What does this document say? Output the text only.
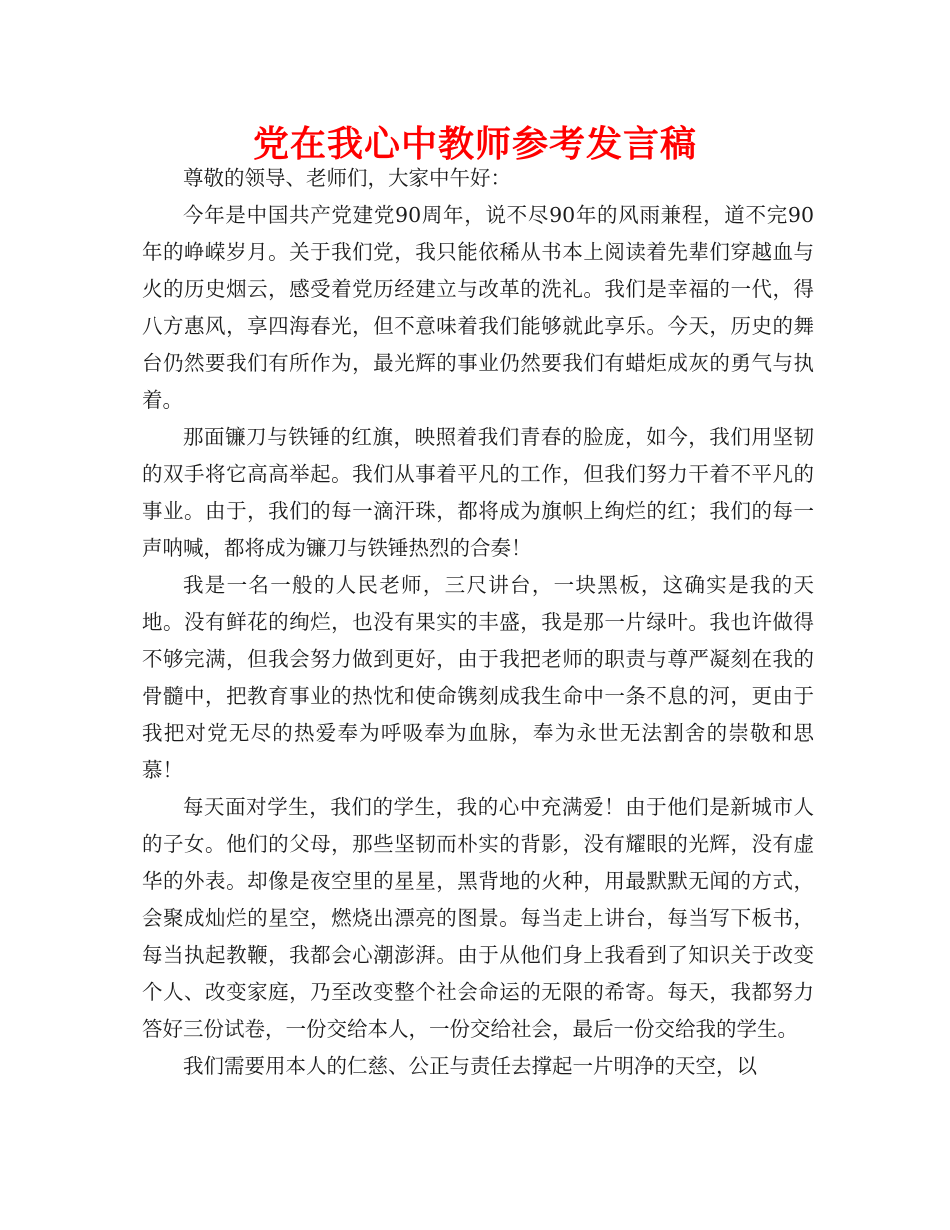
党在我心中教师参考发言稿

尊敬的领导、老师们，大家中午好：

今年是中国共产党建党90周年，说不尽90年的风雨兼程，道不完90年的峥嵘岁月。关于我们党，我只能依稀从书本上阅读着先辈们穿越血与火的历史烟云，感受着党历经建立与改革的洗礼。我们是幸福的一代，得八方惠风，享四海春光，但不意味着我们能够就此享乐。今天，历史的舞台仍然要我们有所作为，最光辉的事业仍然要我们有蜡炬成灰的勇气与执着。

那面镰刀与铁锤的红旗，映照着我们青春的脸庞，如今，我们用坚韧的双手将它高高举起。我们从事着平凡的工作，但我们努力干着不平凡的事业。由于，我们的每一滴汗珠，都将成为旗帜上绚烂的红；我们的每一声呐喊，都将成为镰刀与铁锤热烈的合奏！

我是一名一般的人民老师，三尺讲台，一块黑板，这确实是我的天地。没有鲜花的绚烂，也没有果实的丰盛，我是那一片绿叶。我也许做得不够完满，但我会努力做到更好，由于我把老师的职责与尊严凝刻在我的骨髓中，把教育事业的热忱和使命镌刻成我生命中一条不息的河，更由于我把对党无尽的热爱奉为呼吸奉为血脉，奉为永世无法割舍的崇敬和思慕！

每天面对学生，我们的学生，我的心中充满爱！由于他们是新城市人的子女。他们的父母，那些坚韧而朴实的背影，没有耀眼的光辉，没有虚华的外表。却像是夜空里的星星，黑背地的火种，用最默默无闻的方式，会聚成灿烂的星空，燃烧出漂亮的图景。每当走上讲台，每当写下板书，每当执起教鞭，我都会心潮澎湃。由于从他们身上我看到了知识关于改变个人、改变家庭，乃至改变整个社会命运的无限的希寄。每天，我都努力答好三份试卷，一份交给本人，一份交给社会，最后一份交给我的学生。

我们需要用本人的仁慈、公正与责任去撑起一片明净的天空，以
